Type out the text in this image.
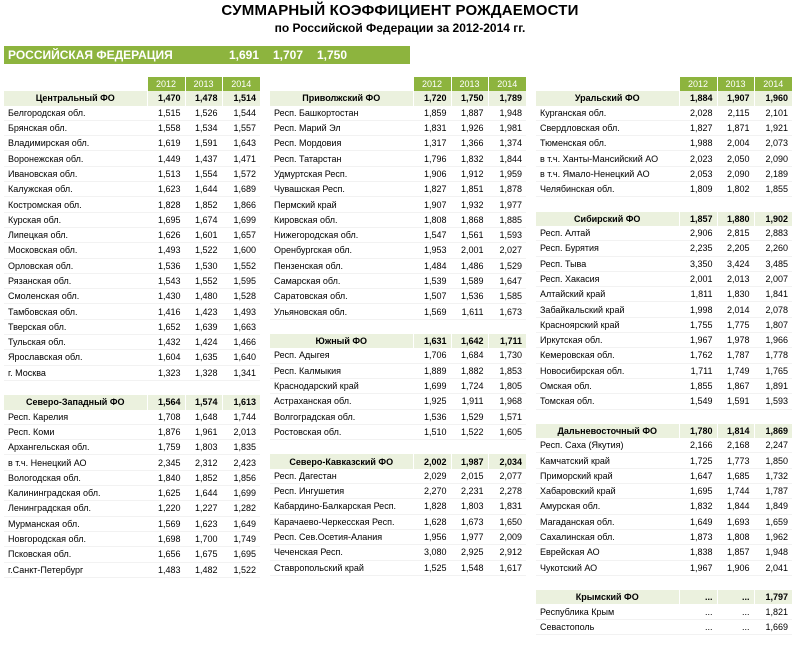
СУММАРНЫЙ КОЭФФИЦИЕНТ РОЖДАЕМОСТИ
по Российской Федерации за 2012-2014 гг.
РОССИЙСКАЯ ФЕДЕРАЦИЯ	1,691 1,707 1,750
	2012	2013	2014
Центральный ФО	1,470	1,478	1,514
Белгородская обл.	1,515	1,526	1,544
Брянская обл.	1,558	1,534	1,557
Владимирская обл.	1,619	1,591	1,643
Воронежская обл.	1,449	1,437	1,471
Ивановская обл.	1,513	1,554	1,572
Калужская обл.	1,623	1,644	1,689
Костромская обл.	1,828	1,852	1,866
Курская обл.	1,695	1,674	1,699
Липецкая обл.	1,626	1,601	1,657
Московская обл.	1,493	1,522	1,600
Орловская обл.	1,536	1,530	1,552
Рязанская обл.	1,543	1,552	1,595
Смоленская обл.	1,430	1,480	1,528
Тамбовская обл.	1,416	1,423	1,493
Тверская обл.	1,652	1,639	1,663
Тульская обл.	1,432	1,424	1,466
Ярославская обл.	1,604	1,635	1,640
г. Москва	1,323	1,328	1,341

Северо-Западный ФО	1,564	1,574	1,613
Респ. Карелия	1,708	1,648	1,744
Респ. Коми	1,876	1,961	2,013
Архангельская обл.	1,759	1,803	1,835
в т.ч. Ненецкий АО	2,345	2,312	2,423
Вологодская обл.	1,840	1,852	1,856
Калининградская обл.	1,625	1,644	1,699
Ленинградская обл.	1,220	1,227	1,282
Мурманская обл.	1,569	1,623	1,649
Новгородская обл.	1,698	1,700	1,749
Псковская обл.	1,656	1,675	1,695
г.Санкт-Петербург	1,483	1,482	1,522
	2012	2013	2014
Приволжский ФО	1,720	1,750	1,789
Респ. Башкортостан	1,859	1,887	1,948
Респ. Марий Эл	1,831	1,926	1,981
Респ. Мордовия	1,317	1,366	1,374
Респ. Татарстан	1,796	1,832	1,844
Удмуртская Респ.	1,906	1,912	1,959
Чувашская Респ.	1,827	1,851	1,878
Пермский край	1,907	1,932	1,977
Кировская обл.	1,808	1,868	1,885
Нижегородская обл.	1,547	1,561	1,593
Оренбургская обл.	1,953	2,001	2,027
Пензенская обл.	1,484	1,486	1,529
Самарская обл.	1,539	1,589	1,647
Саратовская обл.	1,507	1,536	1,585
Ульяновская обл.	1,569	1,611	1,673

Южный ФО	1,631	1,642	1,711
Респ. Адыгея	1,706	1,684	1,730
Респ. Калмыкия	1,889	1,882	1,853
Краснодарский край	1,699	1,724	1,805
Астраханская обл.	1,925	1,911	1,968
Волгоградская обл.	1,536	1,529	1,571
Ростовская обл.	1,510	1,522	1,605

Северо-Кавказский ФО	2,002	1,987	2,034
Респ. Дагестан	2,029	2,015	2,077
Респ. Ингушетия	2,270	2,231	2,278
Кабардино-Балкарская Респ.	1,828	1,803	1,831
Карачаево-Черкесская Респ.	1,628	1,673	1,650
Респ. Сев.Осетия-Алания	1,956	1,977	2,009
Чеченская Респ.	3,080	2,925	2,912
Ставропольский край	1,525	1,548	1,617
	2012	2013	2014
Уральский ФО	1,884	1,907	1,960
Курганская обл.	2,028	2,115	2,101
Свердловская обл.	1,827	1,871	1,921
Тюменская обл.	1,988	2,004	2,073
в т.ч. Ханты-Мансийский АО	2,023	2,050	2,090
в т.ч. Ямало-Ненецкий АО	2,053	2,090	2,189
Челябинская обл.	1,809	1,802	1,855

Сибирский ФО	1,857	1,880	1,902
Респ. Алтай	2,906	2,815	2,883
Респ. Бурятия	2,235	2,205	2,260
Респ. Тыва	3,350	3,424	3,485
Респ. Хакасия	2,001	2,013	2,007
Алтайский край	1,811	1,830	1,841
Забайкальский край	1,998	2,014	2,078
Красноярский край	1,755	1,775	1,807
Иркутская обл.	1,967	1,978	1,966
Кемеровская обл.	1,762	1,787	1,778
Новосибирская обл.	1,711	1,749	1,765
Омская обл.	1,855	1,867	1,891
Томская обл.	1,549	1,591	1,593

Дальневосточный ФО	1,780	1,814	1,869
Респ. Саха (Якутия)	2,166	2,168	2,247
Камчатский край	1,725	1,773	1,850
Приморский край	1,647	1,685	1,732
Хабаровский край	1,695	1,744	1,787
Амурская обл.	1,832	1,844	1,849
Магаданская обл.	1,649	1,693	1,659
Сахалинская обл.	1,873	1,808	1,962
Еврейская АО	1,838	1,857	1,948
Чукотский АО	1,967	1,906	2,041

Крымский ФО	...	...	1,797
Республика Крым	...	...	1,821
Севастополь	...	...	1,669
